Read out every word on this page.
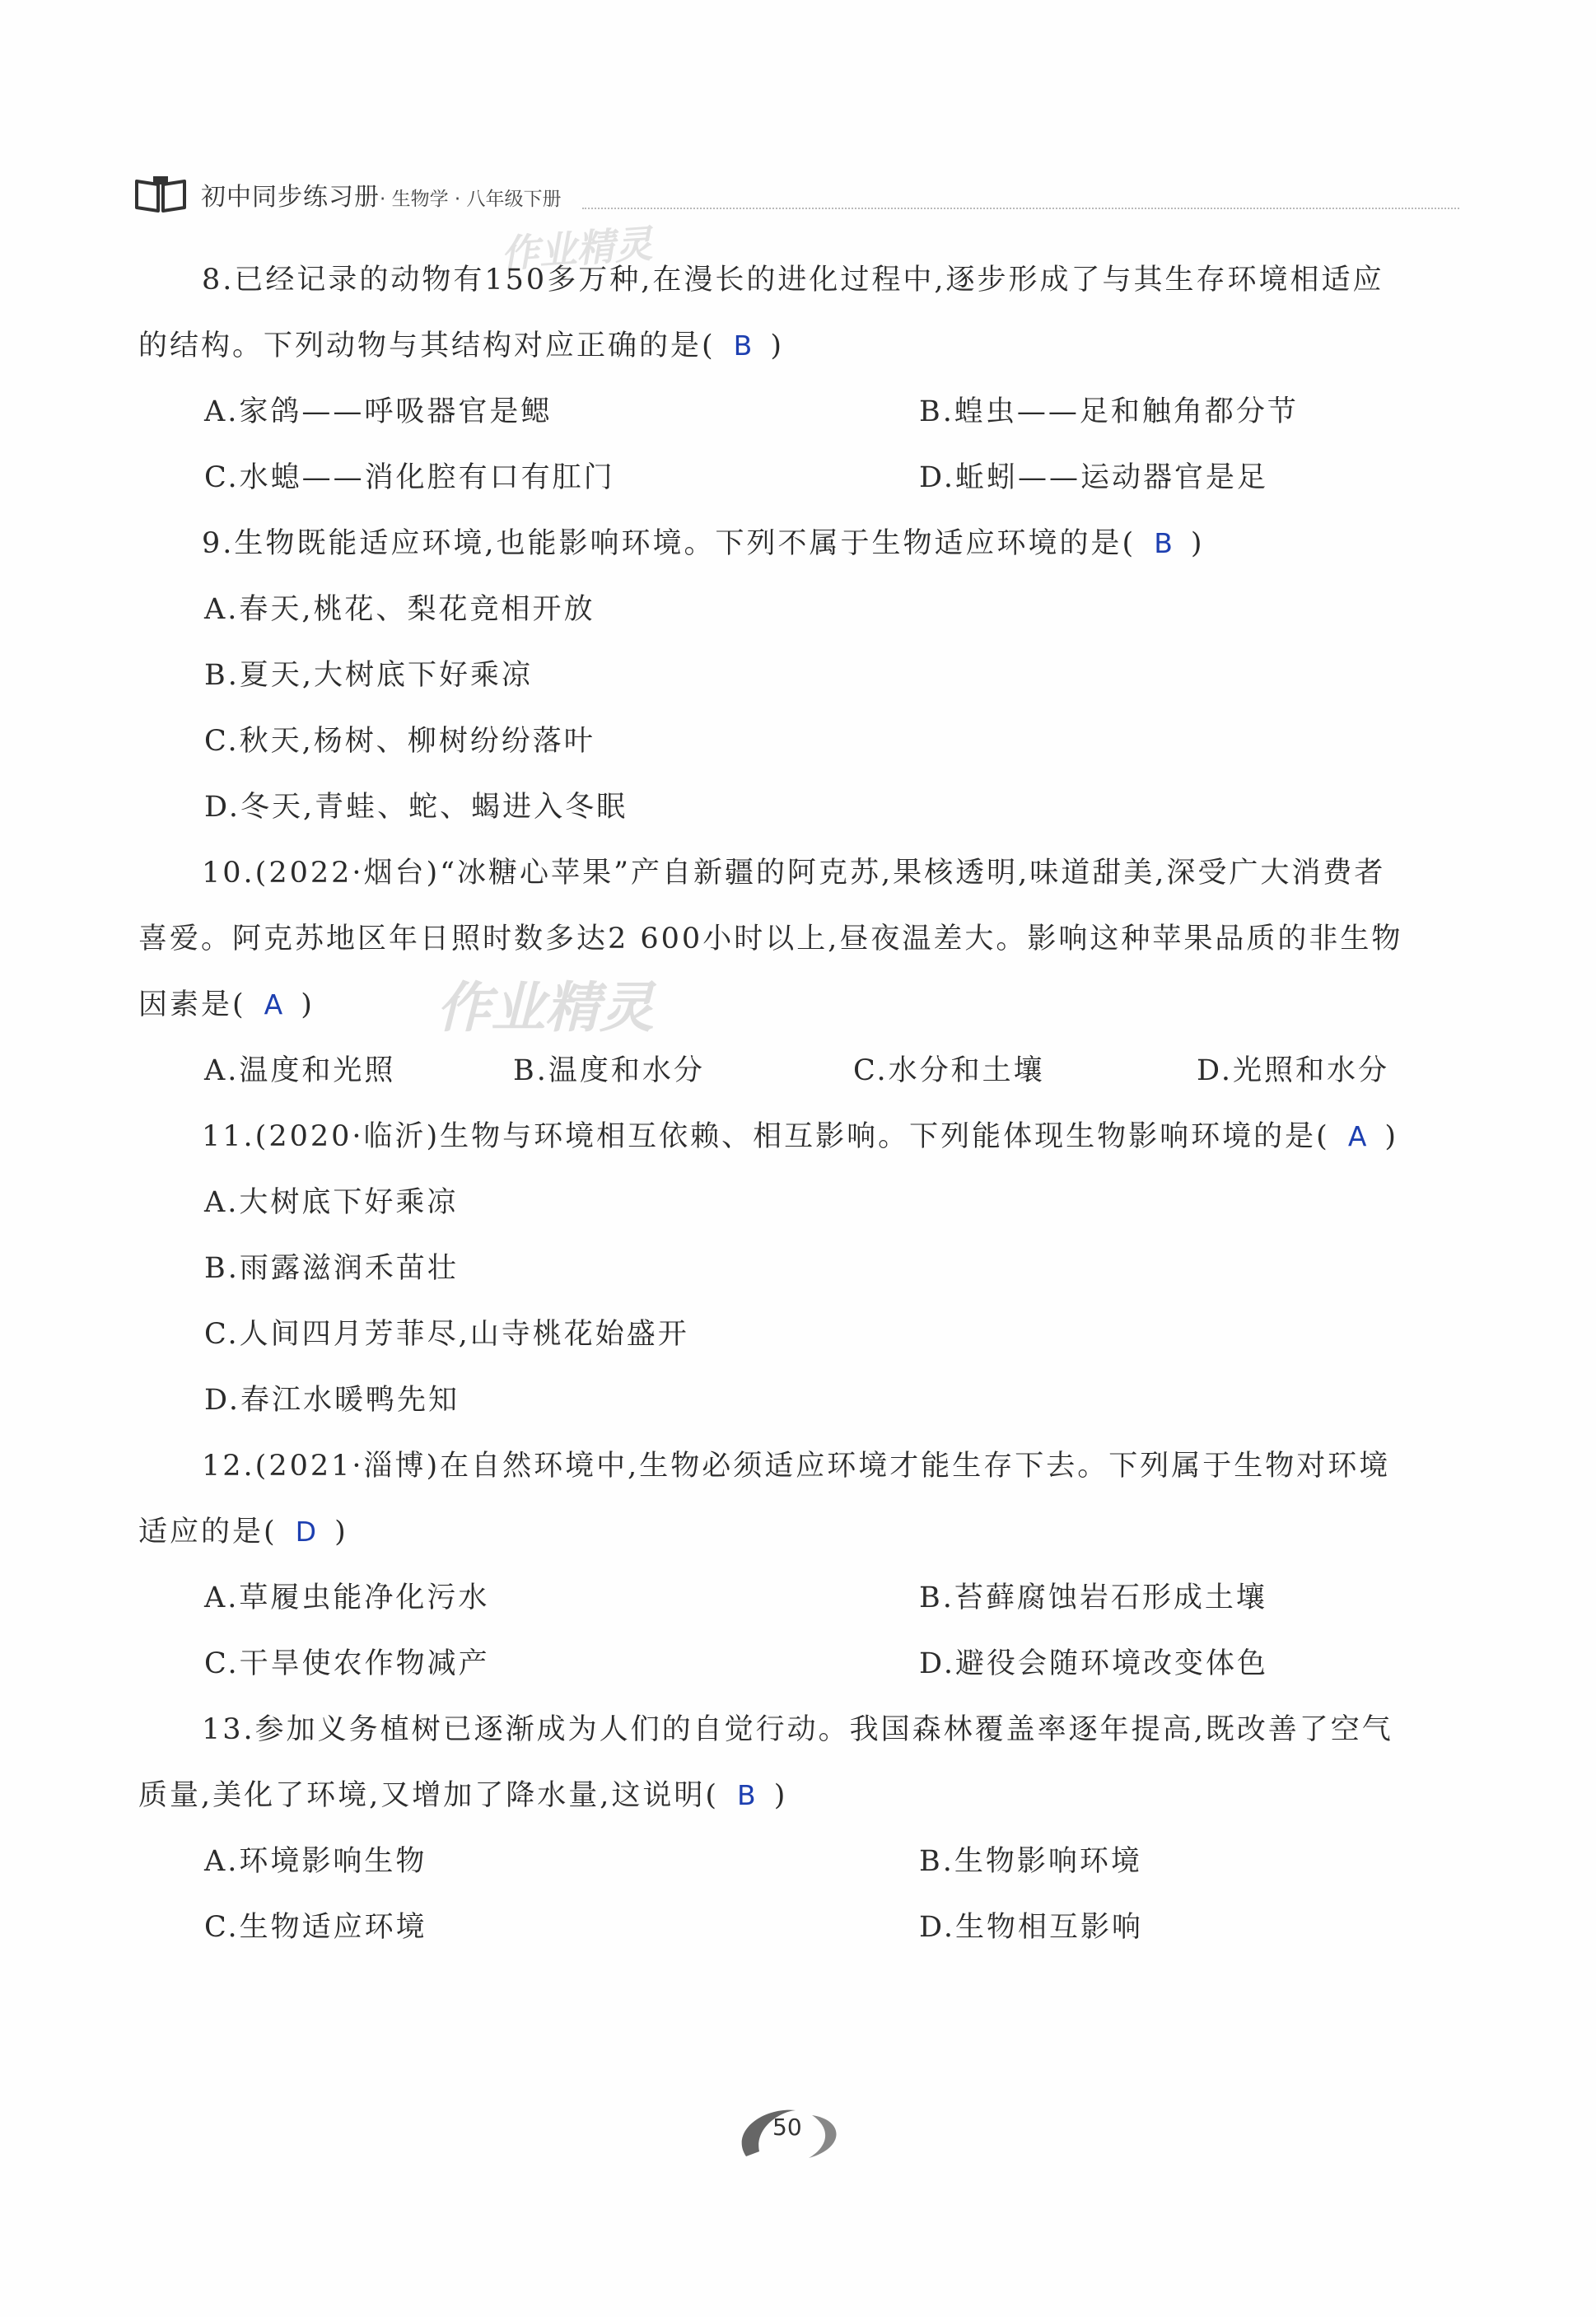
初中同步练习册· 生物学 · 八年级下册
作业精灵
作业精灵
8.已经记录的动物有150多万种,在漫长的进化过程中,逐步形成了与其生存环境相适应
的结构。下列动物与其结构对应正确的是( B )
A.家鸽——呼吸器官是鳃	B.蝗虫——足和触角都分节
C.水螅——消化腔有口有肛门	D.蚯蚓——运动器官是足
9.生物既能适应环境,也能影响环境。下列不属于生物适应环境的是( B )
A.春天,桃花、梨花竞相开放
B.夏天,大树底下好乘凉
C.秋天,杨树、柳树纷纷落叶
D.冬天,青蛙、蛇、蝎进入冬眠
10.(2022·烟台)“冰糖心苹果”产自新疆的阿克苏,果核透明,味道甜美,深受广大消费者
喜爱。阿克苏地区年日照时数多达2 600小时以上,昼夜温差大。影响这种苹果品质的非生物
因素是( A )
A.温度和光照	B.温度和水分	C.水分和土壤	D.光照和水分
11.(2020·临沂)生物与环境相互依赖、相互影响。下列能体现生物影响环境的是( A )
A.大树底下好乘凉
B.雨露滋润禾苗壮
C.人间四月芳菲尽,山寺桃花始盛开
D.春江水暖鸭先知
12.(2021·淄博)在自然环境中,生物必须适应环境才能生存下去。下列属于生物对环境
适应的是( D )
A.草履虫能净化污水	B.苔藓腐蚀岩石形成土壤
C.干旱使农作物减产	D.避役会随环境改变体色
13.参加义务植树已逐渐成为人们的自觉行动。我国森林覆盖率逐年提高,既改善了空气
质量,美化了环境,又增加了降水量,这说明( B )
A.环境影响生物	B.生物影响环境
C.生物适应环境	D.生物相互影响
50
